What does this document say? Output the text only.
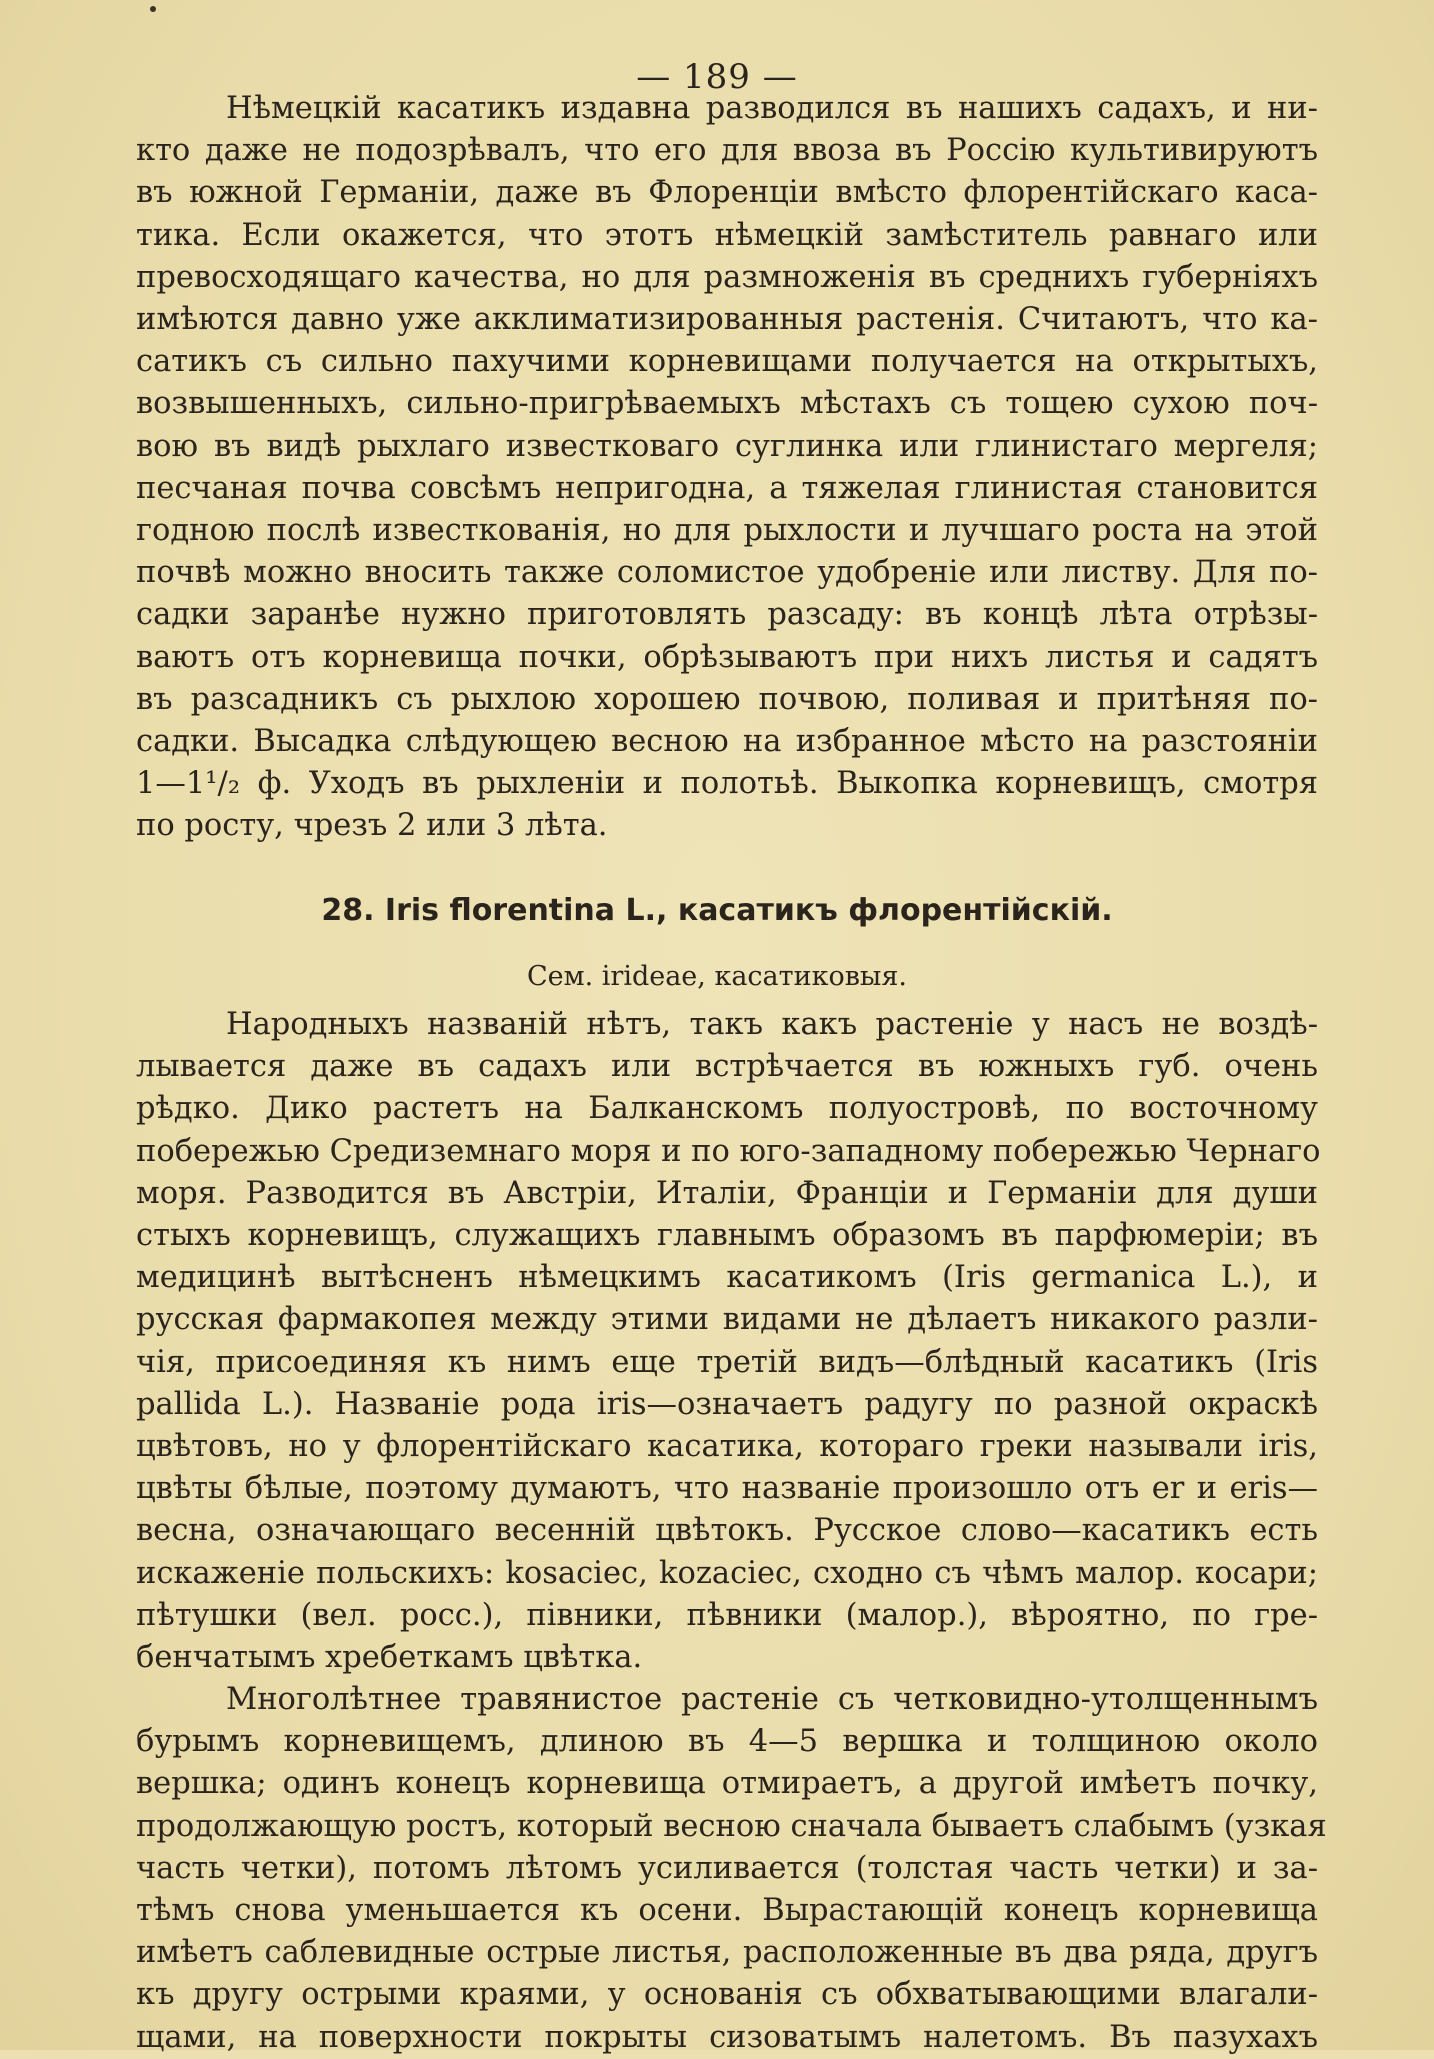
— 189 —
Нѣмецкій касатикъ издавна разводился въ нашихъ садахъ, и ни-
кто даже не подозрѣвалъ, что его для ввоза въ Россію культивируютъ
въ южной Германіи, даже въ Флоренціи вмѣсто флорентійскаго каса-
тика. Если окажется, что этотъ нѣмецкій замѣститель равнаго или
превосходящаго качества, но для размноженія въ среднихъ губерніяхъ
имѣются давно уже акклиматизированныя растенія. Считаютъ, что ка-
сатикъ съ сильно пахучими корневищами получается на открытыхъ,
возвышенныхъ, сильно-пригрѣваемыхъ мѣстахъ съ тощею сухою поч-
вою въ видѣ рыхлаго известковаго суглинка или глинистаго мергеля;
песчаная почва совсѣмъ непригодна, а тяжелая глинистая становится
годною послѣ известкованія, но для рыхлости и лучшаго роста на этой
почвѣ можно вносить также соломистое удобреніе или листву. Для по-
садки заранѣе нужно приготовлять разсаду: въ концѣ лѣта отрѣзы-
ваютъ отъ корневища почки, обрѣзываютъ при нихъ листья и садятъ
въ разсадникъ съ рыхлою хорошею почвою, поливая и притѣняя по-
садки. Высадка слѣдующею весною на избранное мѣсто на разстояніи
1—1¹/₂ ф. Уходъ въ рыхленіи и полотьѣ. Выкопка корневищъ, смотря
по росту, чрезъ 2 или 3 лѣта.
28. Iris florentina L., касатикъ флорентійскій.
Сем. irideae, касатиковыя.
Народныхъ названій нѣтъ, такъ какъ растеніе у насъ не воздѣ-
лывается даже въ садахъ или встрѣчается въ южныхъ губ. очень
рѣдко. Дико растетъ на Балканскомъ полуостровѣ, по восточному
побережью Средиземнаго моря и по юго-западному побережью Чернаго
моря. Разводится въ Австріи, Италіи, Франціи и Германіи для души
стыхъ корневищъ, служащихъ главнымъ образомъ въ парфюмеріи; въ
медицинѣ вытѣсненъ нѣмецкимъ касатикомъ (Iris germanica L.), и
русская фармакопея между этими видами не дѣлаетъ никакого разли-
чія, присоединяя къ нимъ еще третій видъ—блѣдный касатикъ (Iris
pallida L.). Названіе рода iris—означаетъ радугу по разной окраскѣ
цвѣтовъ, но у флорентійскаго касатика, котораго греки называли iris,
цвѣты бѣлые, поэтому думаютъ, что названіе произошло отъ er и eris—
весна, означающаго весенній цвѣтокъ. Русское слово—касатикъ есть
искаженіе польскихъ: kosaciec, kozaciec, сходно съ чѣмъ малор. косари;
пѣтушки (вел. росс.), півники, пѣвники (малор.), вѣроятно, по гре-
бенчатымъ хребеткамъ цвѣтка.
Многолѣтнее травянистое растеніе съ четковидно-утолщеннымъ
бурымъ корневищемъ, длиною въ 4—5 вершка и толщиною около
вершка; одинъ конецъ корневища отмираетъ, а другой имѣетъ почку,
продолжающую ростъ, который весною сначала бываетъ слабымъ (узкая
часть четки), потомъ лѣтомъ усиливается (толстая часть четки) и за-
тѣмъ снова уменьшается къ осени. Вырастающій конецъ корневища
имѣетъ саблевидные острые листья, расположенные въ два ряда, другъ
къ другу острыми краями, у основанія съ обхватывающими влагали-
щами, на поверхности покрыты сизоватымъ налетомъ. Въ пазухахъ
